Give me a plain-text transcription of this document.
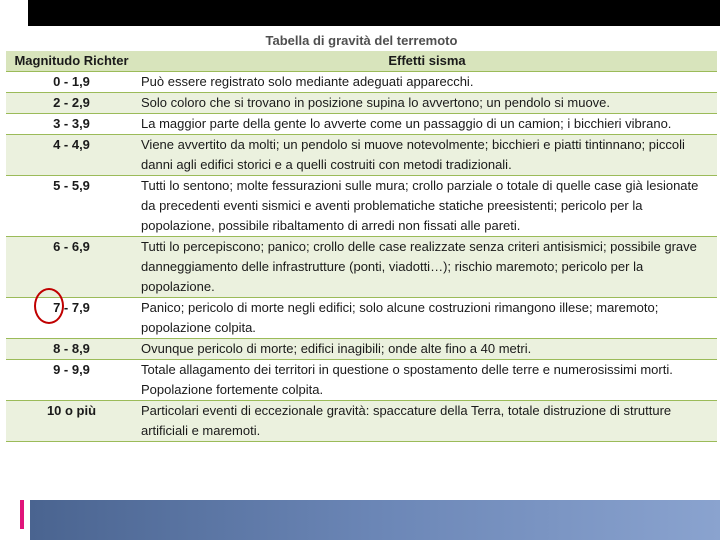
Tabella di gravità del terremoto
Magnitudo Richter	Effetti sisma
0 - 1,9	Può essere registrato solo mediante adeguati apparecchi.
2 - 2,9	Solo coloro che si trovano in posizione supina lo avvertono; un pendolo si muove.
3 - 3,9	La maggior parte della gente lo avverte come un passaggio di un camion; i bicchieri vibrano.
4 - 4,9	Viene avvertito da molti; un pendolo si muove notevolmente; bicchieri e piatti tintinnano; piccoli danni agli edifici storici e a quelli costruiti con metodi tradizionali.
5 - 5,9	Tutti lo sentono; molte fessurazioni sulle mura; crollo parziale o totale di quelle case già lesionate da precedenti eventi sismici e aventi problematiche statiche preesistenti; pericolo per la popolazione, possibile ribaltamento di arredi non fissati alle pareti.
6 - 6,9	Tutti lo percepiscono; panico; crollo delle case realizzate senza criteri antisismici; possibile grave danneggiamento delle infrastrutture (ponti, viadotti…); rischio maremoto; pericolo per la popolazione.
7 - 7,9	Panico; pericolo di morte negli edifici; solo alcune costruzioni rimangono illese; maremoto; popolazione colpita.
8 - 8,9	Ovunque pericolo di morte; edifici inagibili; onde alte fino a 40 metri.
9 - 9,9	Totale allagamento dei territori in questione o spostamento delle terre e numerosissimi morti. Popolazione fortemente colpita.
10 o più	Particolari eventi di eccezionale gravità: spaccature della Terra, totale distruzione di strutture artificiali e maremoti.
